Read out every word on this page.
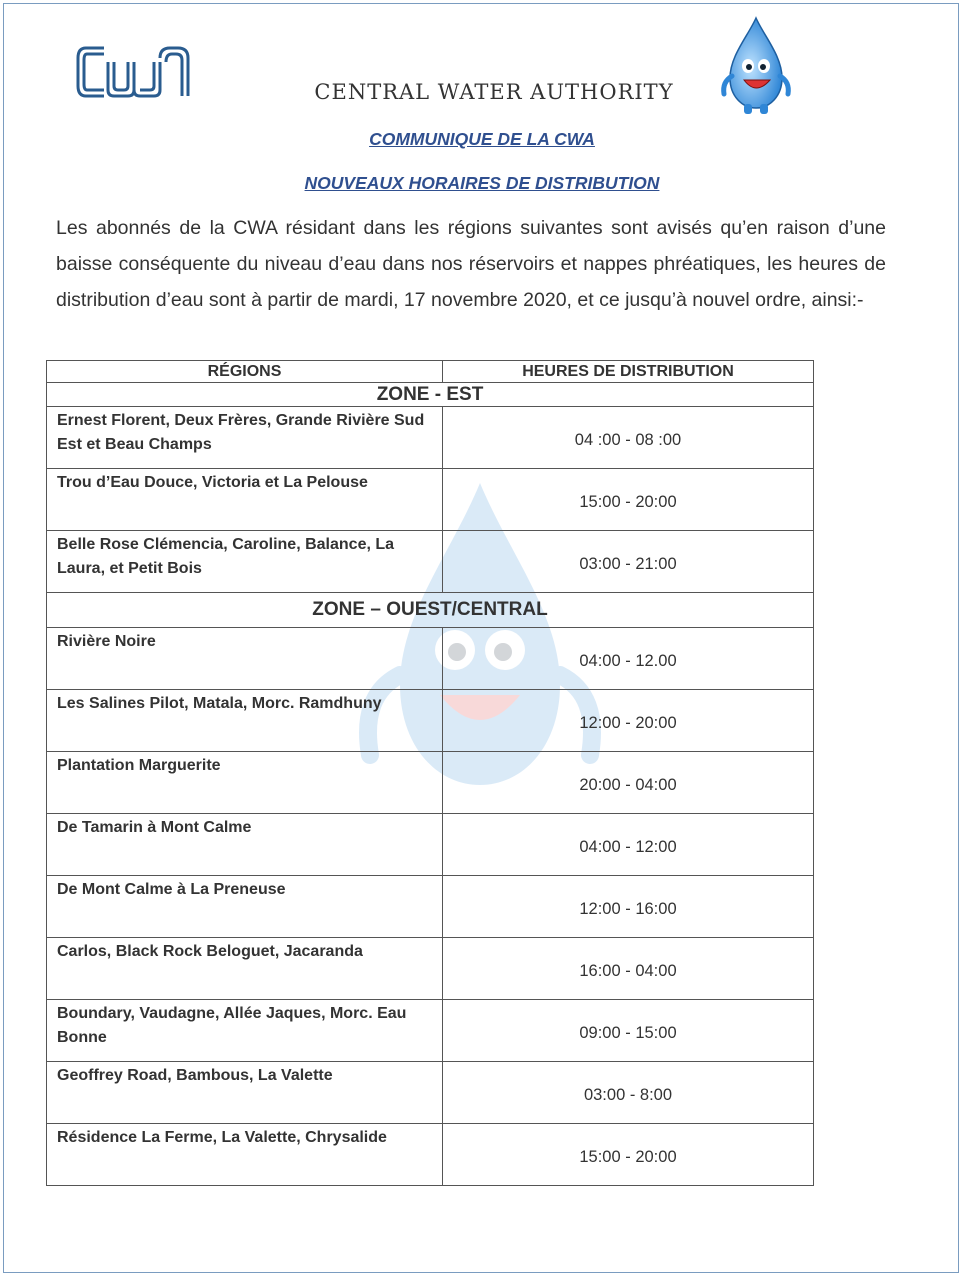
CENTRAL WATER AUTHORITY
COMMUNIQUE DE LA CWA
NOUVEAUX HORAIRES DE DISTRIBUTION
Les abonnés de la CWA résidant dans les régions suivantes sont avisés qu’en raison d’une baisse conséquente du niveau d’eau dans nos réservoirs et nappes phréatiques, les heures de distribution d’eau sont à partir de mardi, 17 novembre 2020, et ce jusqu’à nouvel ordre, ainsi:-
RÉGIONS	HEURES DE DISTRIBUTION
ZONE - EST	
Ernest Florent, Deux Frères, Grande Rivière Sud Est et Beau Champs	04 :00 - 08 :00
Trou d’Eau Douce, Victoria et La Pelouse	15:00 - 20:00
Belle Rose Clémencia, Caroline, Balance, La Laura, et Petit Bois	03:00 - 21:00
ZONE – OUEST/CENTRAL	
Rivière Noire	04:00 - 12.00
Les Salines Pilot, Matala, Morc. Ramdhuny	12:00 - 20:00
Plantation Marguerite	20:00 - 04:00
De Tamarin à Mont Calme	04:00 - 12:00
De Mont Calme à La Preneuse	12:00 - 16:00
Carlos, Black Rock Beloguet, Jacaranda	16:00 - 04:00
Boundary, Vaudagne, Allée Jaques, Morc. Eau Bonne	09:00 - 15:00
Geoffrey Road, Bambous, La Valette	03:00 - 8:00
Résidence La Ferme, La Valette, Chrysalide	15:00 - 20:00
